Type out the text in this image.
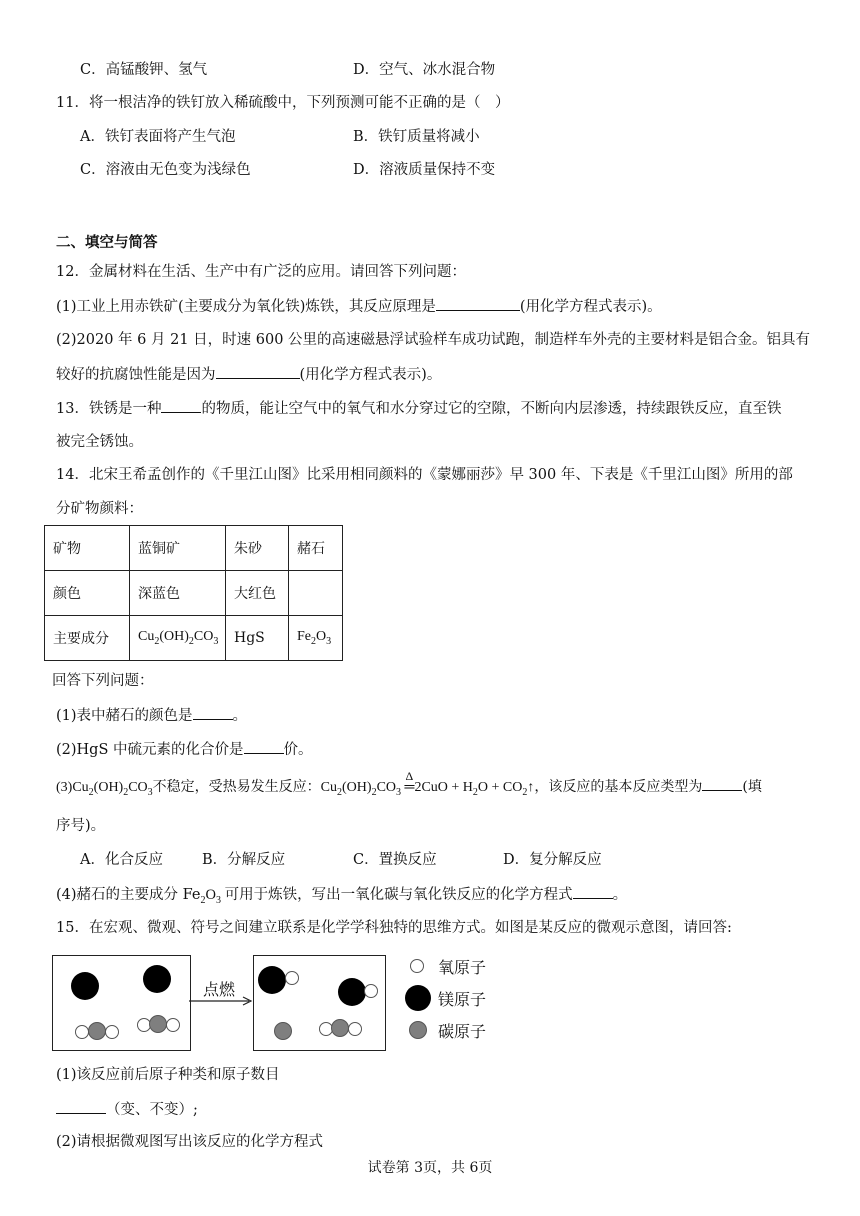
C．高锰酸钾、氢气	D．空气、冰水混合物
11．将一根洁净的铁钉放入稀硫酸中，下列预测可能不正确的是（　）
A．铁钉表面将产生气泡	B．铁钉质量将减小
C．溶液由无色变为浅绿色	D．溶液质量保持不变
二、填空与简答
12．金属材料在生活、生产中有广泛的应用。请回答下列问题：
(1)工业上用赤铁矿(主要成分为氧化铁)炼铁，其反应原理是	(用化学方程式表示)。
(2)2020 年 6 月 21 日，时速 600 公里的高速磁悬浮试验样车成功试跑，制造样车外壳的主要材料是铝合金。铝具有
较好的抗腐蚀性能是因为	(用化学方程式表示)。
13．铁锈是一种	的物质，能让空气中的氧气和水分穿过它的空隙，不断向内层渗透，持续跟铁反应，直至铁
被完全锈蚀。
14．北宋王希孟创作的《千里江山图》比采用相同颜料的《蒙娜丽莎》早 300 年、下表是《千里江山图》所用的部
分矿物颜料：
矿物	蓝铜矿	朱砂	赭石
颜色	深蓝色	大红色	
主要成分	$Cu_2(OH)_2CO_3$	HgS	$Fe_2O_3$
回答下列问题：
(1)表中赭石的颜色是	。
(2)HgS 中硫元素的化合价是	价。
$(3)Cu_2(OH)_2CO_3$不稳定，受热易发生反应：$Cu_2(OH)_2CO_3$ ═
Δ
$2CuO + H_2O$ + $CO_2↑$，该反应的基本反应类型为	(填
序号)。
A．化合反应	B．分解反应	C．置换反应	D．复分解反应
(4)赭石的主要成分 $Fe_2O_3$ 可用于炼铁，写出一氧化碳与氧化铁反应的化学方程式	。
15．在宏观、微观、符号之间建立联系是化学学科独特的思维方式。如图是某反应的微观示意图，请回答:
点燃
氧原子
镁原子
碳原子
(1)该反应前后原子种类和原子数目
（变、不变）;
(2)请根据微观图写出该反应的化学方程式
试卷第 3页，共 6页
